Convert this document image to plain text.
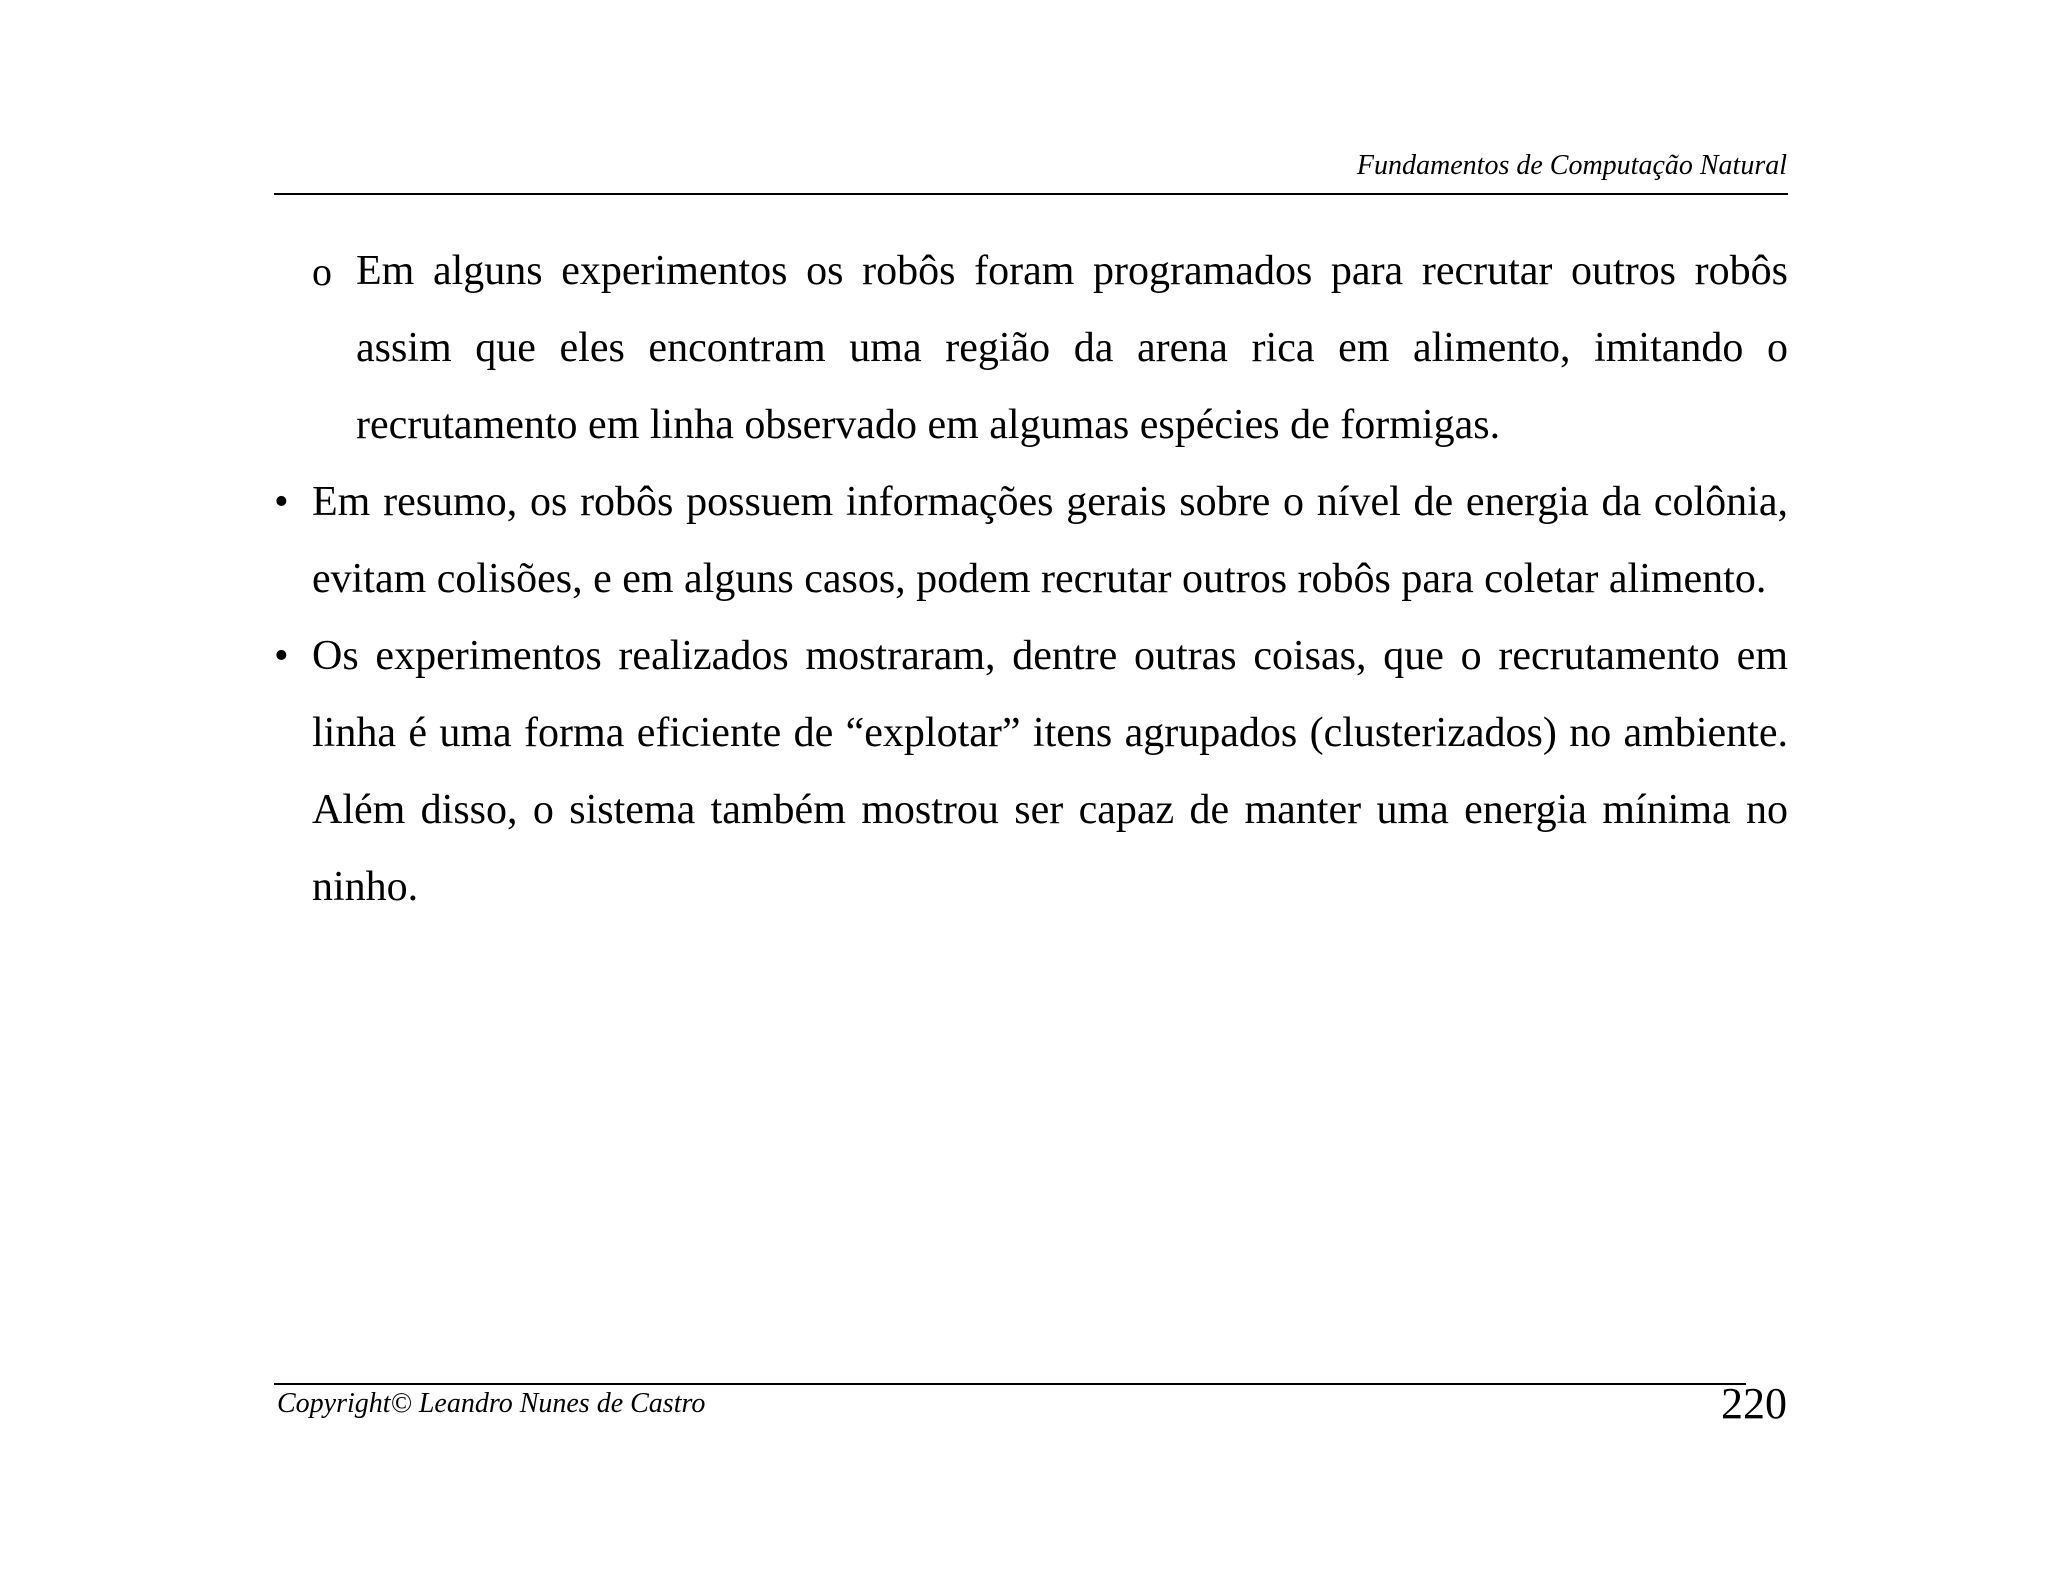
Fundamentos de Computação Natural
o Em alguns experimentos os robôs foram programados para recrutar outros robôs assim que eles encontram uma região da arena rica em alimento, imitando o recrutamento em linha observado em algumas espécies de formigas.
• Em resumo, os robôs possuem informações gerais sobre o nível de energia da colônia, evitam colisões, e em alguns casos, podem recrutar outros robôs para coletar alimento.
• Os experimentos realizados mostraram, dentre outras coisas, que o recrutamento em linha é uma forma eficiente de “explotar” itens agrupados (clusterizados) no ambiente. Além disso, o sistema também mostrou ser capaz de manter uma energia mínima no ninho.
Copyright© Leandro Nunes de Castro	220
